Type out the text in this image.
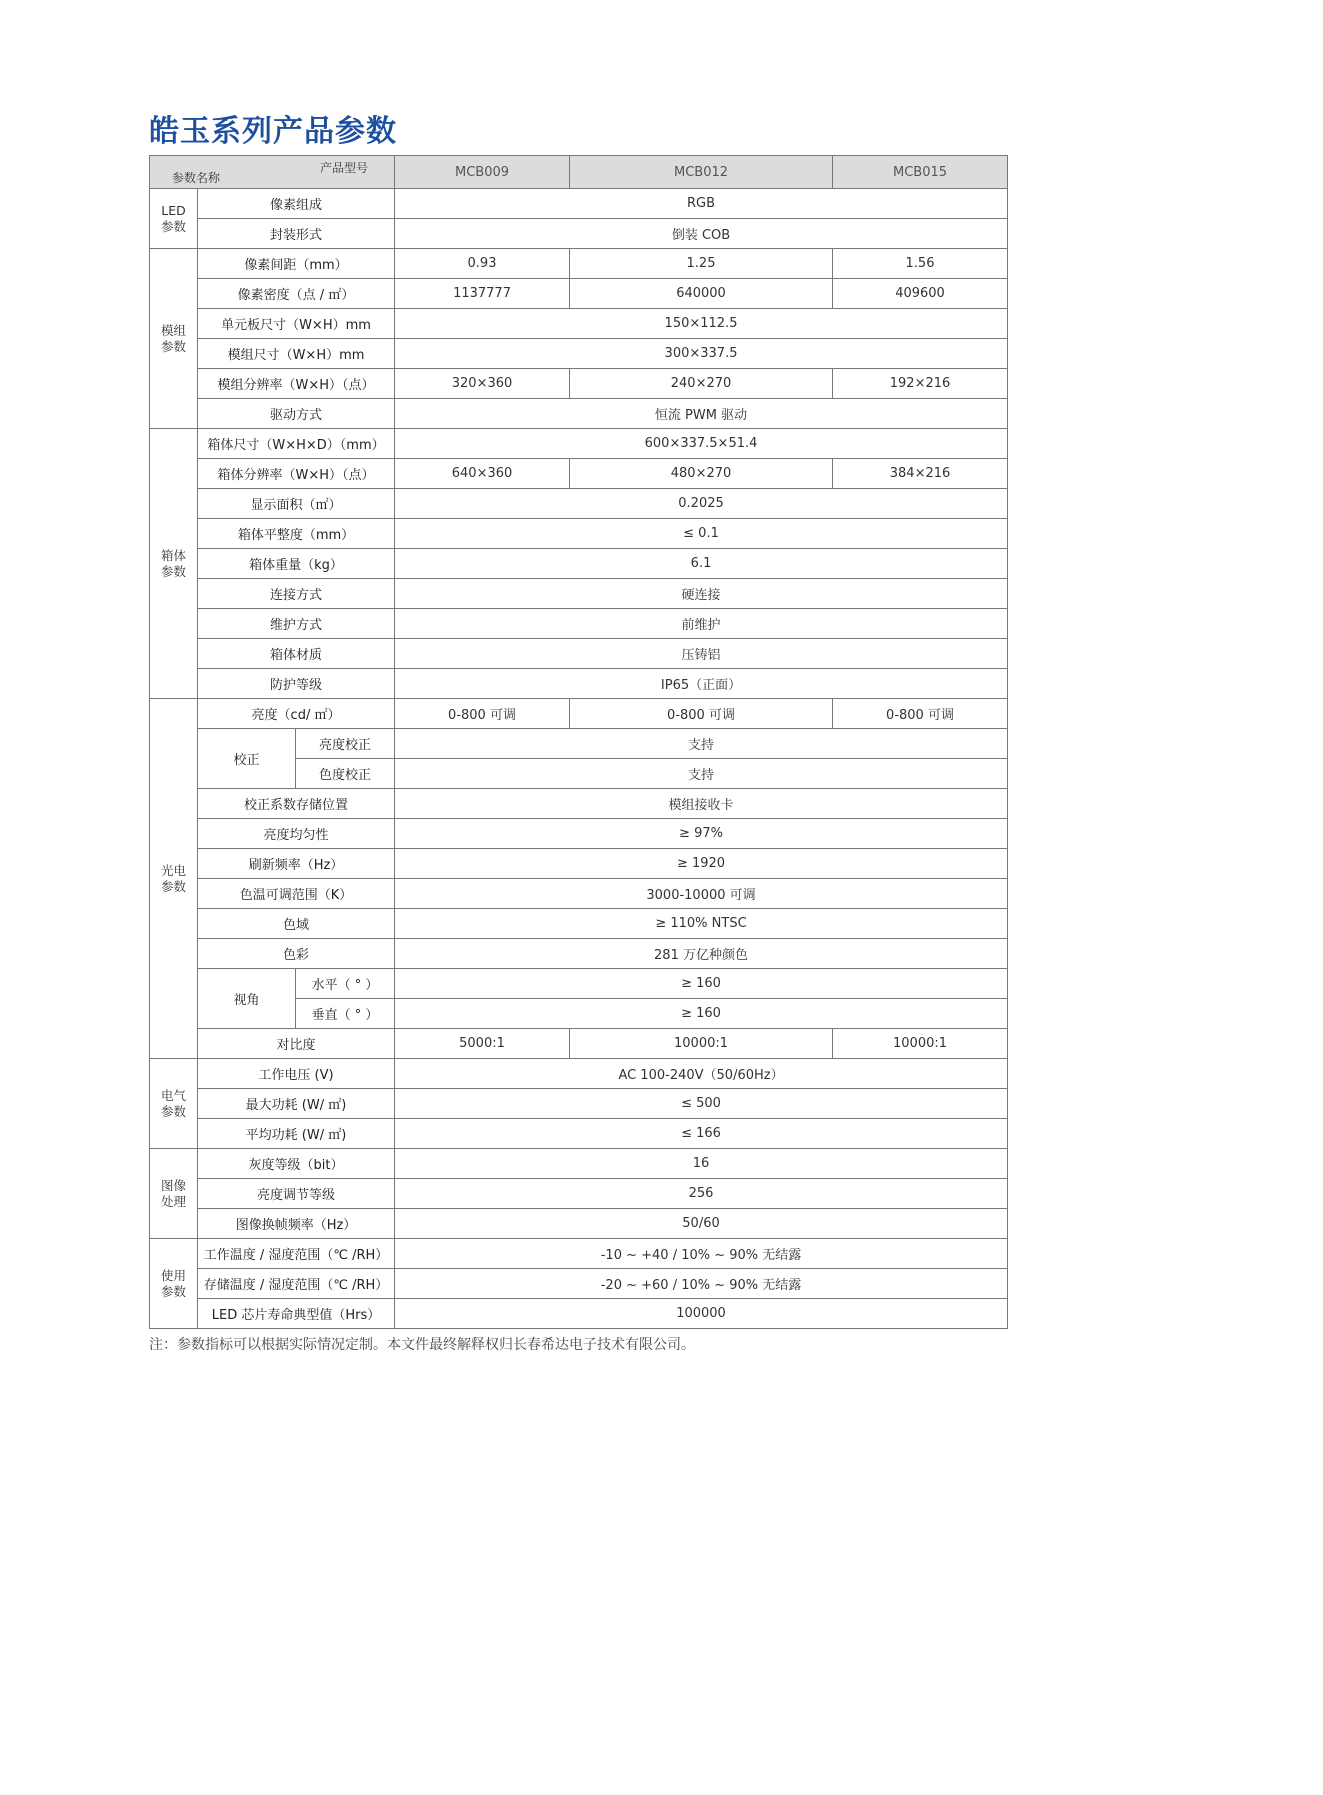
皓玉系列产品参数
产品型号
参数名称			MCB009	MCB012	MCB015
LED
参数	像素组成		RGB		
	封装形式		倒装 COB		
模组
参数	像素间距（mm）		0.93	1.25	1.56
	像素密度（点 / ㎡）		1137777	640000	409600
	单元板尺寸（W×H）mm		150×112.5		
	模组尺寸（W×H）mm		300×337.5		
	模组分辨率（W×H）（点）		320×360	240×270	192×216
	驱动方式		恒流 PWM 驱动		
箱体
参数	箱体尺寸（W×H×D）（mm）		600×337.5×51.4		
	箱体分辨率（W×H）（点）		640×360	480×270	384×216
	显示面积（㎡）		0.2025		
	箱体平整度（mm）		≤ 0.1		
	箱体重量（kg）		6.1		
	连接方式		硬连接		
	维护方式		前维护		
	箱体材质		压铸铝		
	防护等级		IP65（正面）		
光电
参数	亮度（cd/ ㎡）		0-800 可调	0-800 可调	0-800 可调
	校正	亮度校正	支持		
		色度校正	支持		
	校正系数存储位置		模组接收卡		
	亮度均匀性		≥ 97%		
	刷新频率（Hz）		≥ 1920		
	色温可调范围（K）		3000-10000 可调		
	色域		≥ 110% NTSC		
	色彩		281 万亿种颜色		
	视角	水平（ ° ）	≥ 160		
		垂直（ ° ）	≥ 160		
	对比度		5000:1	10000:1	10000:1
电气
参数	工作电压 (V)		AC 100-240V（50/60Hz）		
	最大功耗 (W/ ㎡)		≤ 500		
	平均功耗 (W/ ㎡)		≤ 166		
图像
处理	灰度等级（bit）		16		
	亮度调节等级		256		
	图像换帧频率（Hz）		50/60		
使用
参数	工作温度 / 湿度范围（℃ /RH）		-10 ~ +40 / 10% ~ 90% 无结露		
	存储温度 / 湿度范围（℃ /RH）		-20 ~ +60 / 10% ~ 90% 无结露		
	LED 芯片寿命典型值（Hrs）		100000		

注：参数指标可以根据实际情况定制。本文件最终解释权归长春希达电子技术有限公司。
